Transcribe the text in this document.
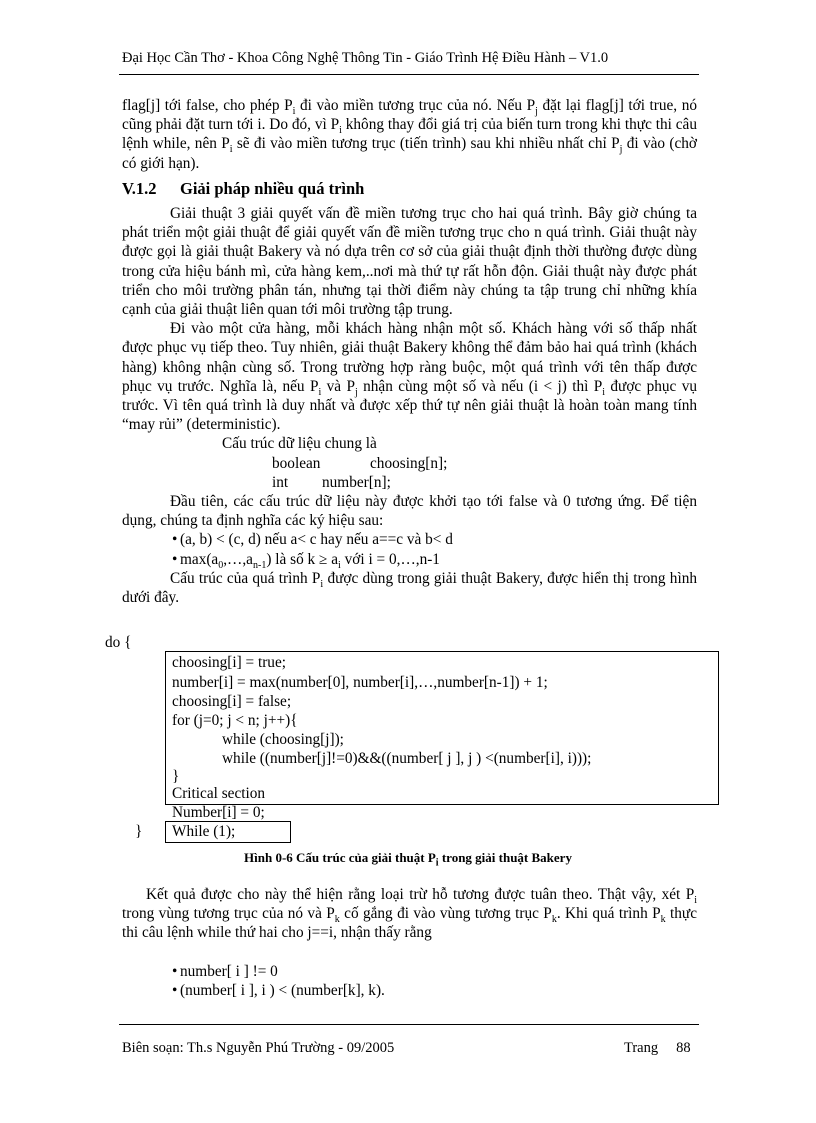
Đại Học Cần Thơ - Khoa Công Nghệ Thông Tin - Giáo Trình Hệ Điều Hành – V1.0

flag[j] tới false, cho phép $P_i$ đi vào miền tương trục của nó. Nếu $P_j$ đặt lại flag[j] tới true, nó cũng phải đặt turn tới i. Do đó, vì $P_i$ không thay đổi giá trị của biến turn trong khi thực thi câu lệnh while, nên $P_i$ sẽ đi vào miền tương trục (tiến trình) sau khi nhiều nhất chỉ $P_j$ đi vào (chờ có giới hạn).

V.1.2	Giải pháp nhiều quá trình

Giải thuật 3 giải quyết vấn đề miền tương trục cho hai quá trình. Bây giờ chúng ta phát triển một giải thuật để giải quyết vấn đề miền tương trục cho n quá trình. Giải thuật này được gọi là giải thuật Bakery và nó dựa trên cơ sở của giải thuật định thời thường được dùng trong cửa hiệu bánh mì, cửa hàng kem,..nơi mà thứ tự rất hỗn độn. Giải thuật này được phát triển cho môi trường phân tán, nhưng tại thời điểm này chúng ta tập trung chỉ những khía cạnh của giải thuật liên quan tới môi trường tập trung.

Đi vào một cửa hàng, mỗi khách hàng nhận một số. Khách hàng với số thấp nhất được phục vụ tiếp theo. Tuy nhiên, giải thuật Bakery không thể đảm bảo hai quá trình (khách hàng) không nhận cùng số. Trong trường hợp ràng buộc, một quá trình với tên thấp được phục vụ trước. Nghĩa là, nếu $P_i$ và $P_j$ nhận cùng một số và nếu (i < j) thì $P_i$ được phục vụ trước. Vì tên quá trình là duy nhất và được xếp thứ tự nên giải thuật là hoàn toàn mang tính “may rủi” (deterministic).

Cấu trúc dữ liệu chung là
boolean	choosing[n];
int	number[n];

Đầu tiên, các cấu trúc dữ liệu này được khởi tạo tới false và 0 tương ứng. Để tiện dụng, chúng ta định nghĩa các ký hiệu sau:

• (a, b) < (c, d) nếu a< c hay nếu a==c và b< d
• $\max(a_0,\dots,a_{n-1})$ là số $k \ge a_i$ với i = 0,…,n-1

Cấu trúc của quá trình $P_i$ được dùng trong giải thuật Bakery, được hiển thị trong hình dưới đây.

do {
choosing[i] = true;
number[i] = max(number[0], number[i],…,number[n-1]) + 1;
choosing[i] = false;
for (j=0; j < n; j++){
while (choosing[j]);
while ((number[j]!=0)&&((number[ j ], j ) <(number[i], i)));
}
Critical section
Number[i] = 0;
} While (1);
Hình 0-6 Cấu trúc của giải thuật $P_i$ trong giải thuật Bakery

Kết quả được cho này thể hiện rằng loại trừ hỗ tương được tuân theo. Thật vậy, xét $P_i$ trong vùng tương trục của nó và $P_k$ cố gắng đi vào vùng tương trục $P_k$. Khi quá trình $P_k$ thực thi câu lệnh while thứ hai cho j==i, nhận thấy rằng

• number[ i ] != 0
• (number[ i ], i ) < (number[k], k).
Biên soạn: Th.s Nguyễn Phú Trường - 09/2005	Trang 88
